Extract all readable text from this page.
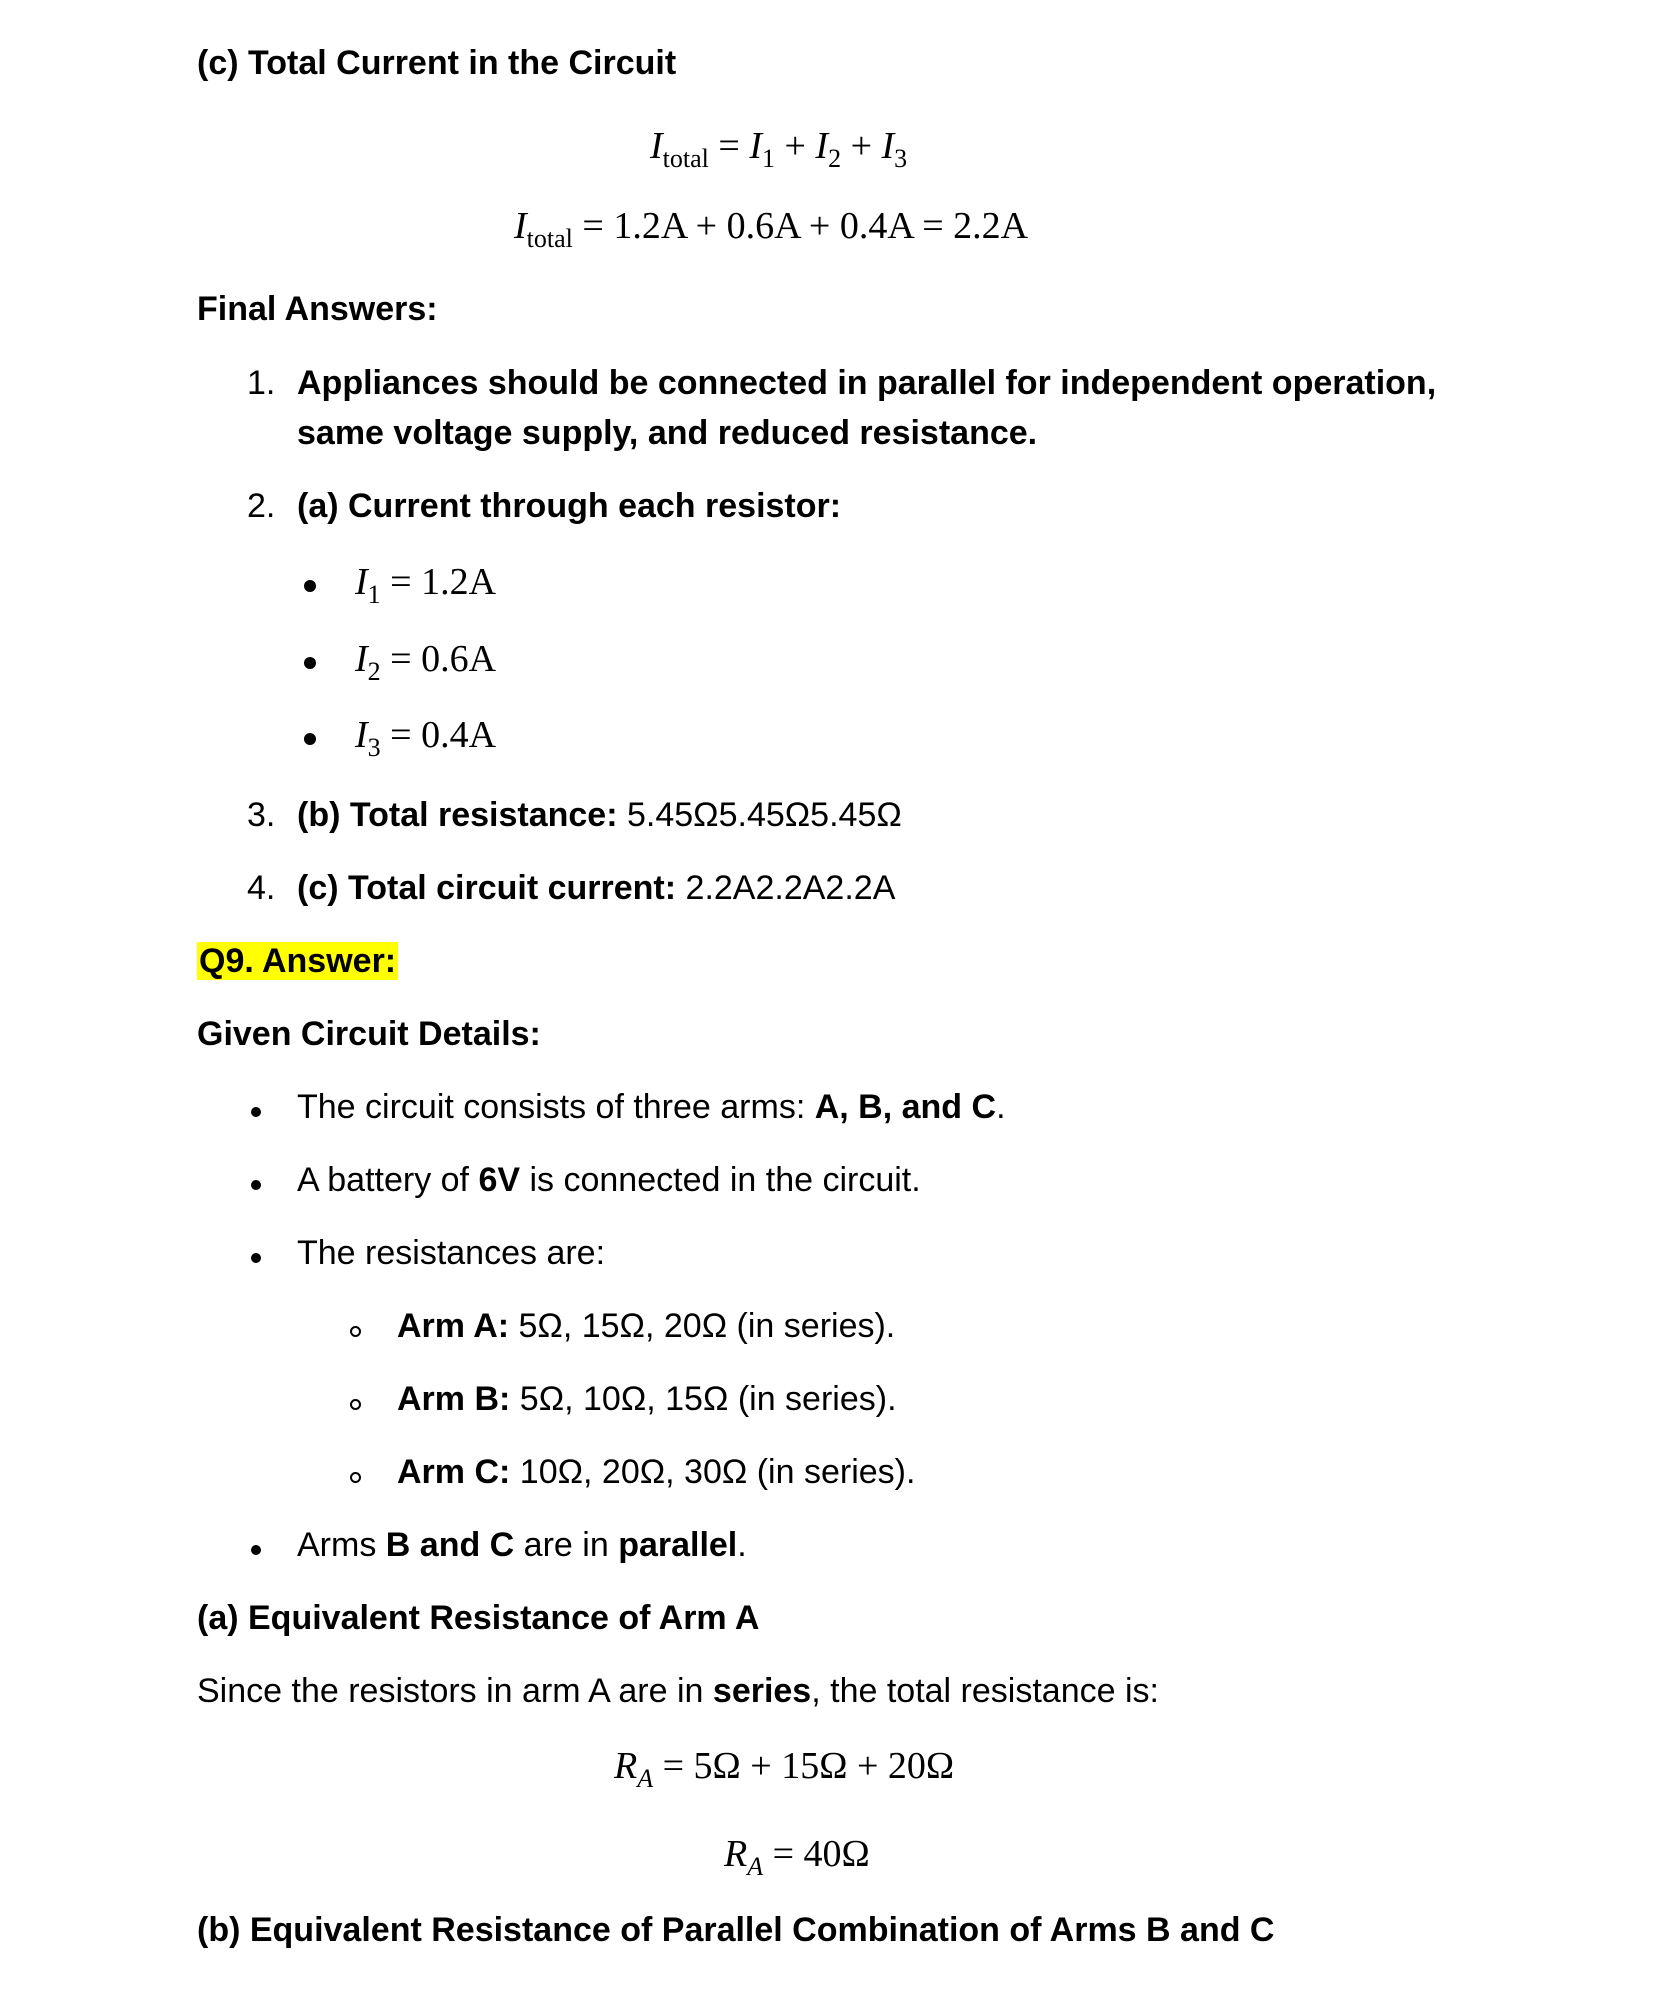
(c) Total Current in the Circuit
$I_{total} = I_1 + I_2 + I_3$
$I_{total} = 1.2A + 0.6A + 0.4A = 2.2A$
Final Answers:
1. Appliances should be connected in parallel for independent operation,
same voltage supply, and reduced resistance.
2. (a) Current through each resistor:
$I_1 = 1.2A$
$I_2 = 0.6A$
$I_3 = 0.4A$
3. (b) Total resistance: 5.45Ω5.45Ω5.45Ω
4. (c) Total circuit current: 2.2A2.2A2.2A
Q9. Answer:
Given Circuit Details:
The circuit consists of three arms: A, B, and C.
A battery of 6V is connected in the circuit.
The resistances are:
Arm A: 5Ω, 15Ω, 20Ω (in series).
Arm B: 5Ω, 10Ω, 15Ω (in series).
Arm C: 10Ω, 20Ω, 30Ω (in series).
Arms B and C are in parallel.
(a) Equivalent Resistance of Arm A
Since the resistors in arm A are in series, the total resistance is:
$R_A = 5\Omega + 15\Omega + 20\Omega$
$R_A = 40\Omega$
(b) Equivalent Resistance of Parallel Combination of Arms B and C
